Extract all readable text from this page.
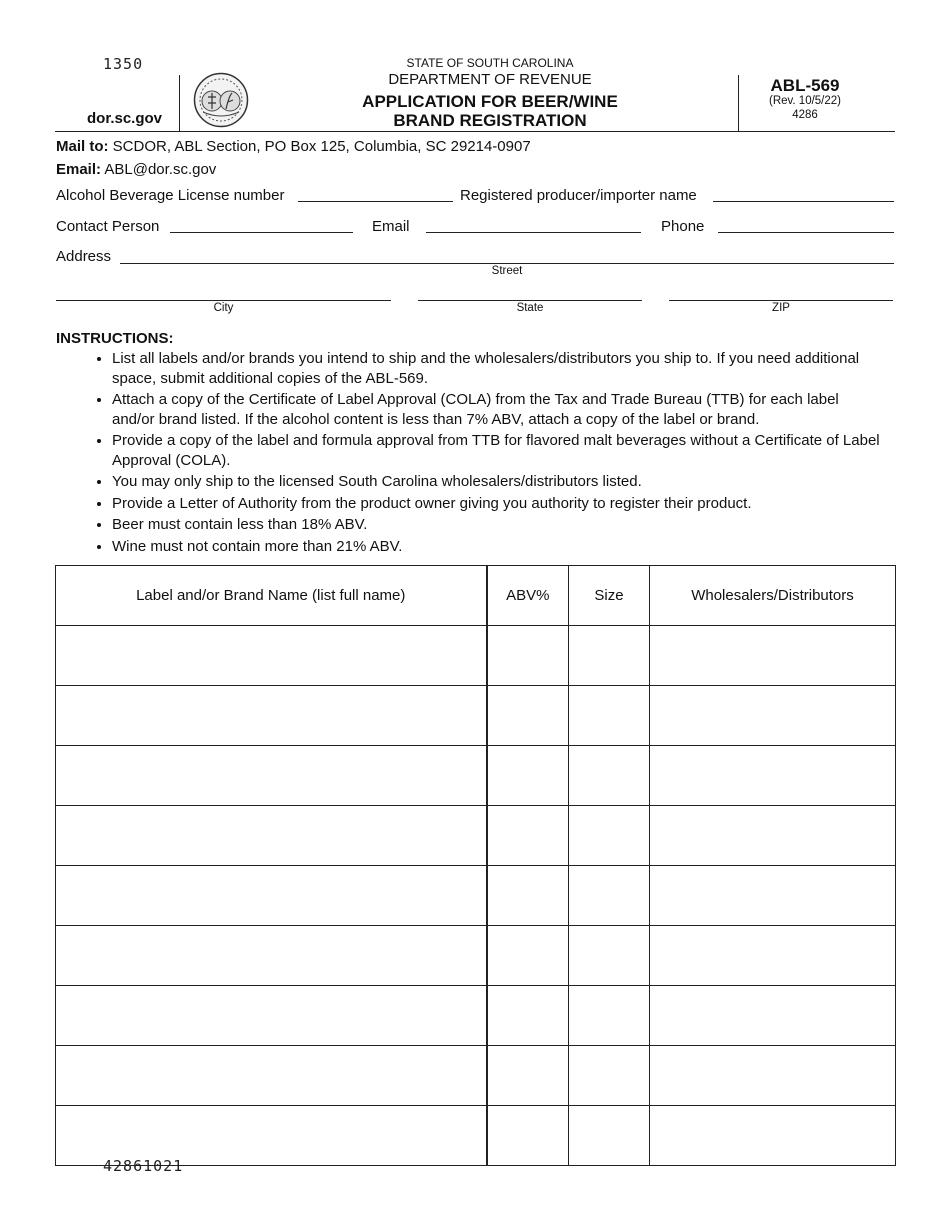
1350
dor.sc.gov
STATE OF SOUTH CAROLINA
DEPARTMENT OF REVENUE
APPLICATION FOR BEER/WINE
BRAND REGISTRATION
ABL-569
(Rev. 10/5/22)
4286
Mail to: SCDOR, ABL Section, PO Box 125, Columbia, SC 29214-0907
Email: ABL@dor.sc.gov
Alcohol Beverage License number	Registered producer/importer name
Contact Person	Email	Phone
Address
Street
City	State	ZIP
INSTRUCTIONS:
• List all labels and/or brands you intend to ship and the wholesalers/distributors you ship to. If you need additional space, submit additional copies of the ABL-569.
• Attach a copy of the Certificate of Label Approval (COLA) from the Tax and Trade Bureau (TTB) for each label and/or brand listed. If the alcohol content is less than 7% ABV, attach a copy of the label or brand.
• Provide a copy of the label and formula approval from TTB for flavored malt beverages without a Certificate of Label Approval (COLA).
• You may only ship to the licensed South Carolina wholesalers/distributors listed.
• Provide a Letter of Authority from the product owner giving you authority to register their product.
• Beer must contain less than 18% ABV.
• Wine must not contain more than 21% ABV.
Label and/or Brand Name (list full name)	ABV%	Size	Wholesalers/Distributors

42861021
